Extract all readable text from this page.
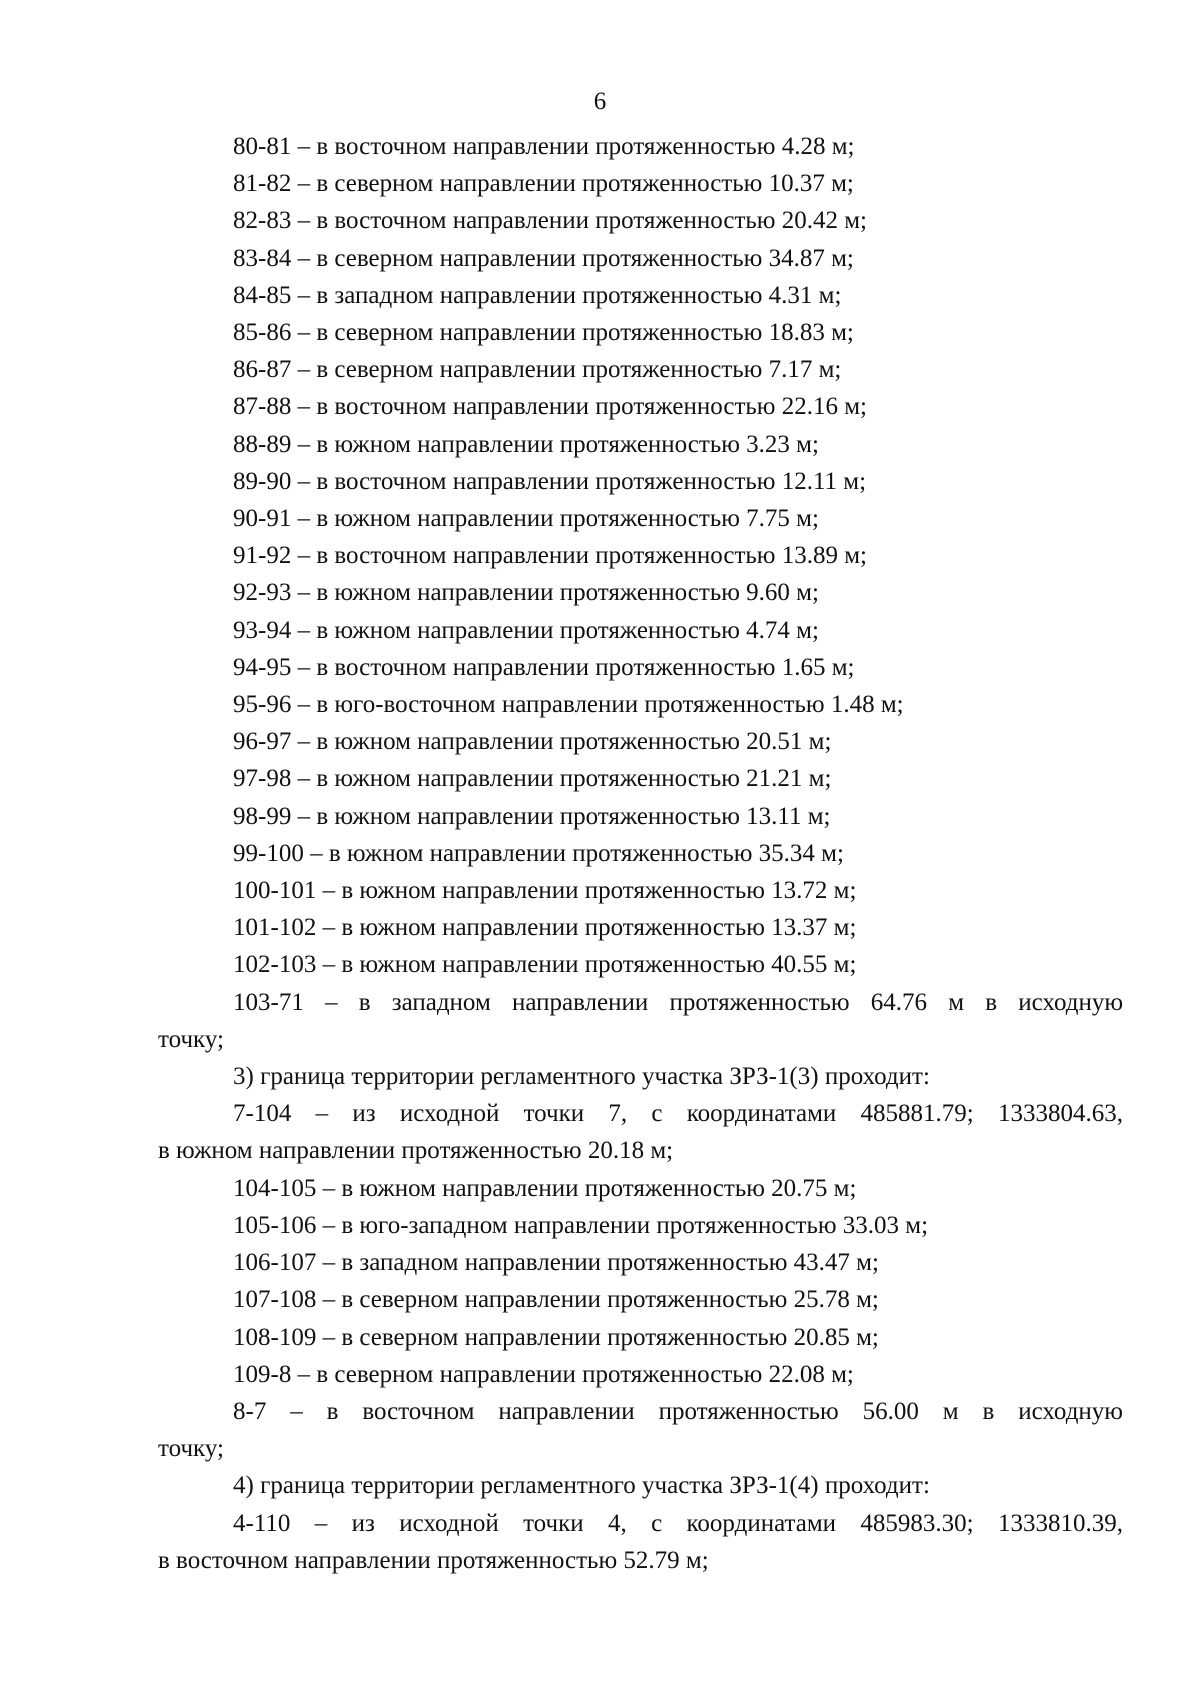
6
80-81 – в восточном направлении протяженностью 4.28 м;
81-82 – в северном направлении протяженностью 10.37 м;
82-83 – в восточном направлении протяженностью 20.42 м;
83-84 – в северном направлении протяженностью 34.87 м;
84-85 – в западном направлении протяженностью 4.31 м;
85-86 – в северном направлении протяженностью 18.83 м;
86-87 – в северном направлении протяженностью 7.17 м;
87-88 – в восточном направлении протяженностью 22.16 м;
88-89 – в южном направлении протяженностью 3.23 м;
89-90 – в восточном направлении протяженностью 12.11 м;
90-91 – в южном направлении протяженностью 7.75 м;
91-92 – в восточном направлении протяженностью 13.89 м;
92-93 – в южном направлении протяженностью 9.60 м;
93-94 – в южном направлении протяженностью 4.74 м;
94-95 – в восточном направлении протяженностью 1.65 м;
95-96 – в юго-восточном направлении протяженностью 1.48 м;
96-97 – в южном направлении протяженностью 20.51 м;
97-98 – в южном направлении протяженностью 21.21 м;
98-99 – в южном направлении протяженностью 13.11 м;
99-100 – в южном направлении протяженностью 35.34 м;
100-101 – в южном направлении протяженностью 13.72 м;
101-102 – в южном направлении протяженностью 13.37 м;
102-103 – в южном направлении протяженностью 40.55 м;
103-71 – в западном направлении протяженностью 64.76 м в исходную
точку;
3) граница территории регламентного участка ЗРЗ-1(3) проходит:
7-104 – из исходной точки 7, с координатами 485881.79; 1333804.63,
в южном направлении протяженностью 20.18 м;
104-105 – в южном направлении протяженностью 20.75 м;
105-106 – в юго-западном направлении протяженностью 33.03 м;
106-107 – в западном направлении протяженностью 43.47 м;
107-108 – в северном направлении протяженностью 25.78 м;
108-109 – в северном направлении протяженностью 20.85 м;
109-8 – в северном направлении протяженностью 22.08 м;
8-7 – в восточном направлении протяженностью 56.00 м в исходную
точку;
4) граница территории регламентного участка ЗРЗ-1(4) проходит:
4-110 – из исходной точки 4, с координатами 485983.30; 1333810.39,
в восточном направлении протяженностью 52.79 м;
